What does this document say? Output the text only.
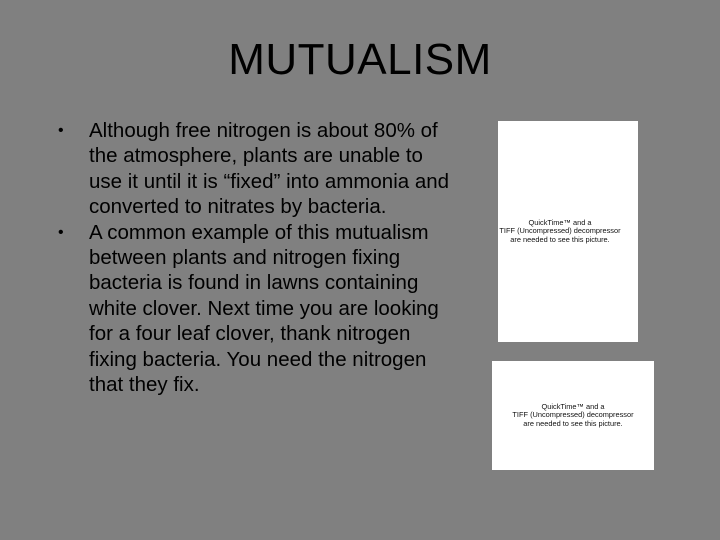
MUTUALISM
• Although free nitrogen is about 80% of the atmosphere, plants are unable to use it until it is “fixed” into ammonia and converted to nitrates by bacteria.
• A common example of this mutualism between plants and nitrogen fixing bacteria is found in lawns containing white clover. Next time you are looking for a four leaf clover, thank nitrogen fixing bacteria. You need the nitrogen that they fix.
QuickTime™ and a
TIFF (Uncompressed) decompressor
are needed to see this picture.
QuickTime™ and a
TIFF (Uncompressed) decompressor
are needed to see this picture.
